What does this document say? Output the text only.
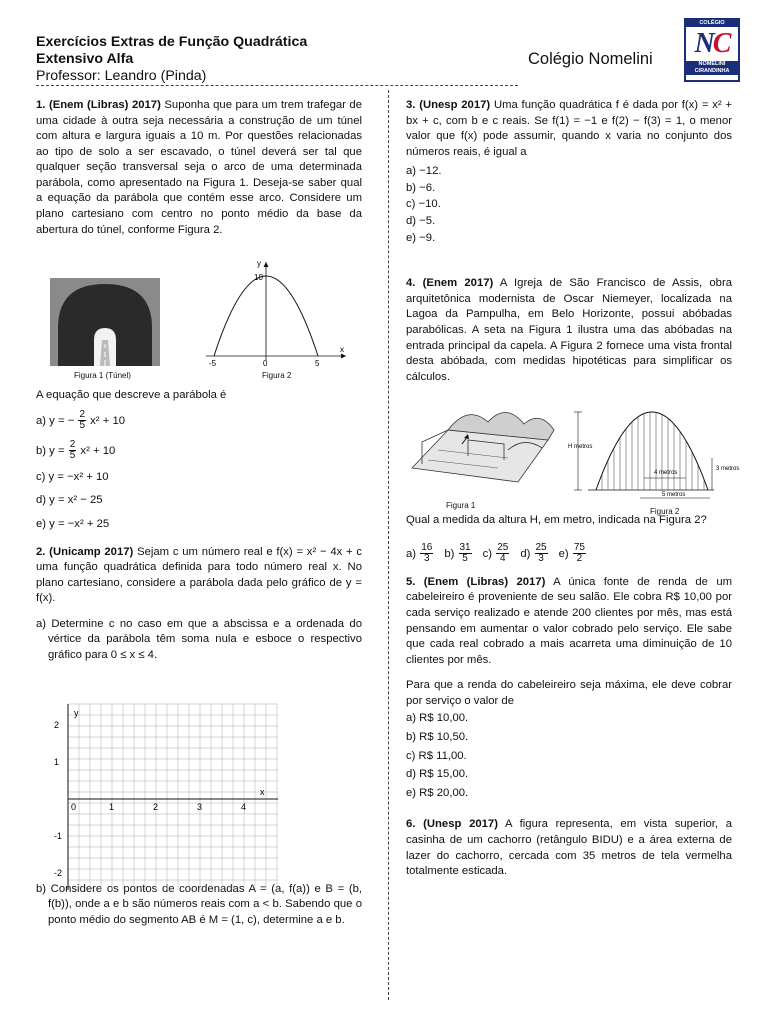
Exercícios Extras de Função Quadrática
Extensivo Alfa
Professor: Leandro (Pinda)
Colégio Nomelini
COLÉGIO
NC
NOMELINI
CIRANDINHA

1. (Enem (Libras) 2017) Suponha que para um trem trafegar de uma cidade à outra seja necessária a construção de um túnel com altura e largura iguais a 10 m. Por questões relacionadas ao tipo de solo a ser escavado, o túnel deverá ser tal que qualquer seção transversal seja o arco de uma determinada parábola, como apresentado na Figura 1. Deseja-se saber qual a equação da parábola que contém esse arco. Considere um plano cartesiano com centro no ponto médio da base da abertura do túnel, conforme Figura 2.

A equação que descreve a parábola é

a) y = − $\frac{2}{5} x^2 + 10$
b) $y = \frac{2}{5} x^2 + 10$
c) y = −x² + 10
d) y = x² − 25
e) y = −x² + 25

2. (Unicamp 2017) Sejam c um número real e f(x) = x² − 4x + c uma função quadrática definida para todo número real x. No plano cartesiano, considere a parábola dada pelo gráfico de y = f(x).

a) Determine c no caso em que a abscissa e a ordenada do vértice da parábola têm soma nula e esboce o respectivo gráfico para 0 ≤ x ≤ 4.

b) Considere os pontos de coordenadas A = (a, f(a)) e B = (b, f(b)), onde a e b são números reais com a < b. Sabendo que o ponto médio do segmento AB é M = (1, c), determine a e b.

Figura 1 (Túnel)
y
x
10
-5	0	5
Figura 2
y
x
2
1
-1
-2
0	1	2	3	4

3. (Unesp 2017) Uma função quadrática f é dada por f(x) = x² + bx + c, com b e c reais. Se f(1) = −1 e f(2) − f(3) = 1, o menor valor que f(x) pode assumir, quando x varia no conjunto dos números reais, é igual a

a) −12.
b) −6.
c) −10.
d) −5.
e) −9.

4. (Enem 2017) A Igreja de São Francisco de Assis, obra arquitetônica modernista de Oscar Niemeyer, localizada na Lagoa da Pampulha, em Belo Horizonte, possui abóbadas parabólicas. A seta na Figura 1 ilustra uma das abóbadas na entrada principal da capela. A Figura 2 fornece uma vista frontal desta abóbada, com medidas hipotéticas para simplificar os cálculos.

Qual a medida da altura H, em metro, indicada na Figura 2?

$a) \frac{16}{3} b) \frac{31}{5} c) \frac{25}{4} d) \frac{25}{3} e) \frac{75}{2}$

5. (Enem (Libras) 2017) A única fonte de renda de um cabeleireiro é proveniente de seu salão. Ele cobra R$ 10,00 por cada serviço realizado e atende 200 clientes por mês, mas está pensando em aumentar o valor cobrado pelo serviço. Ele sabe que cada real cobrado a mais acarreta uma diminuição de 10 clientes por mês.

Para que a renda do cabeleireiro seja máxima, ele deve cobrar por serviço o valor de

a) R$ 10,00.
b) R$ 10,50.
c) R$ 11,00.
d) R$ 15,00.
e) R$ 20,00.

6. (Unesp 2017) A figura representa, em vista superior, a casinha de um cachorro (retângulo BIDU) e a área externa de lazer do cachorro, cercada com 35 metros de tela vermelha totalmente esticada.

Figura 1
H metros
4 metros
5 metros
3 metros
Figura 2
